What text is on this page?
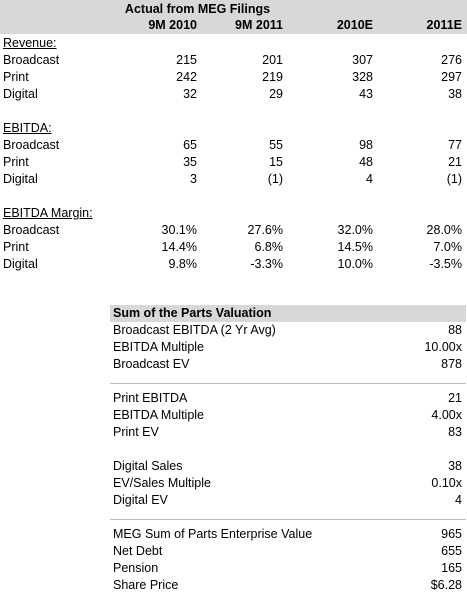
Actual from MEG Filings
9M 2010	9M 2011	2010E	2011E
Revenue:
Broadcast	215	201	307	276
Print	242	219	328	297
Digital	32	29	43	38
EBITDA:
Broadcast	65	55	98	77
Print	35	15	48	21
Digital	3	(1)	4	(1)
EBITDA Margin:
Broadcast	30.1%	27.6%	32.0%	28.0%
Print	14.4%	6.8%	14.5%	7.0%
Digital	9.8%	-3.3%	10.0%	-3.5%
Sum of the Parts Valuation
Broadcast EBITDA (2 Yr Avg)	88
EBITDA Multiple	10.00x
Broadcast EV	878
Print EBITDA	21
EBITDA Multiple	4.00x
Print EV	83
Digital Sales	38
EV/Sales Multiple	0.10x
Digital EV	4
MEG Sum of Parts Enterprise Value	965
Net Debt	655
Pension	165
Share Price	$6.28
